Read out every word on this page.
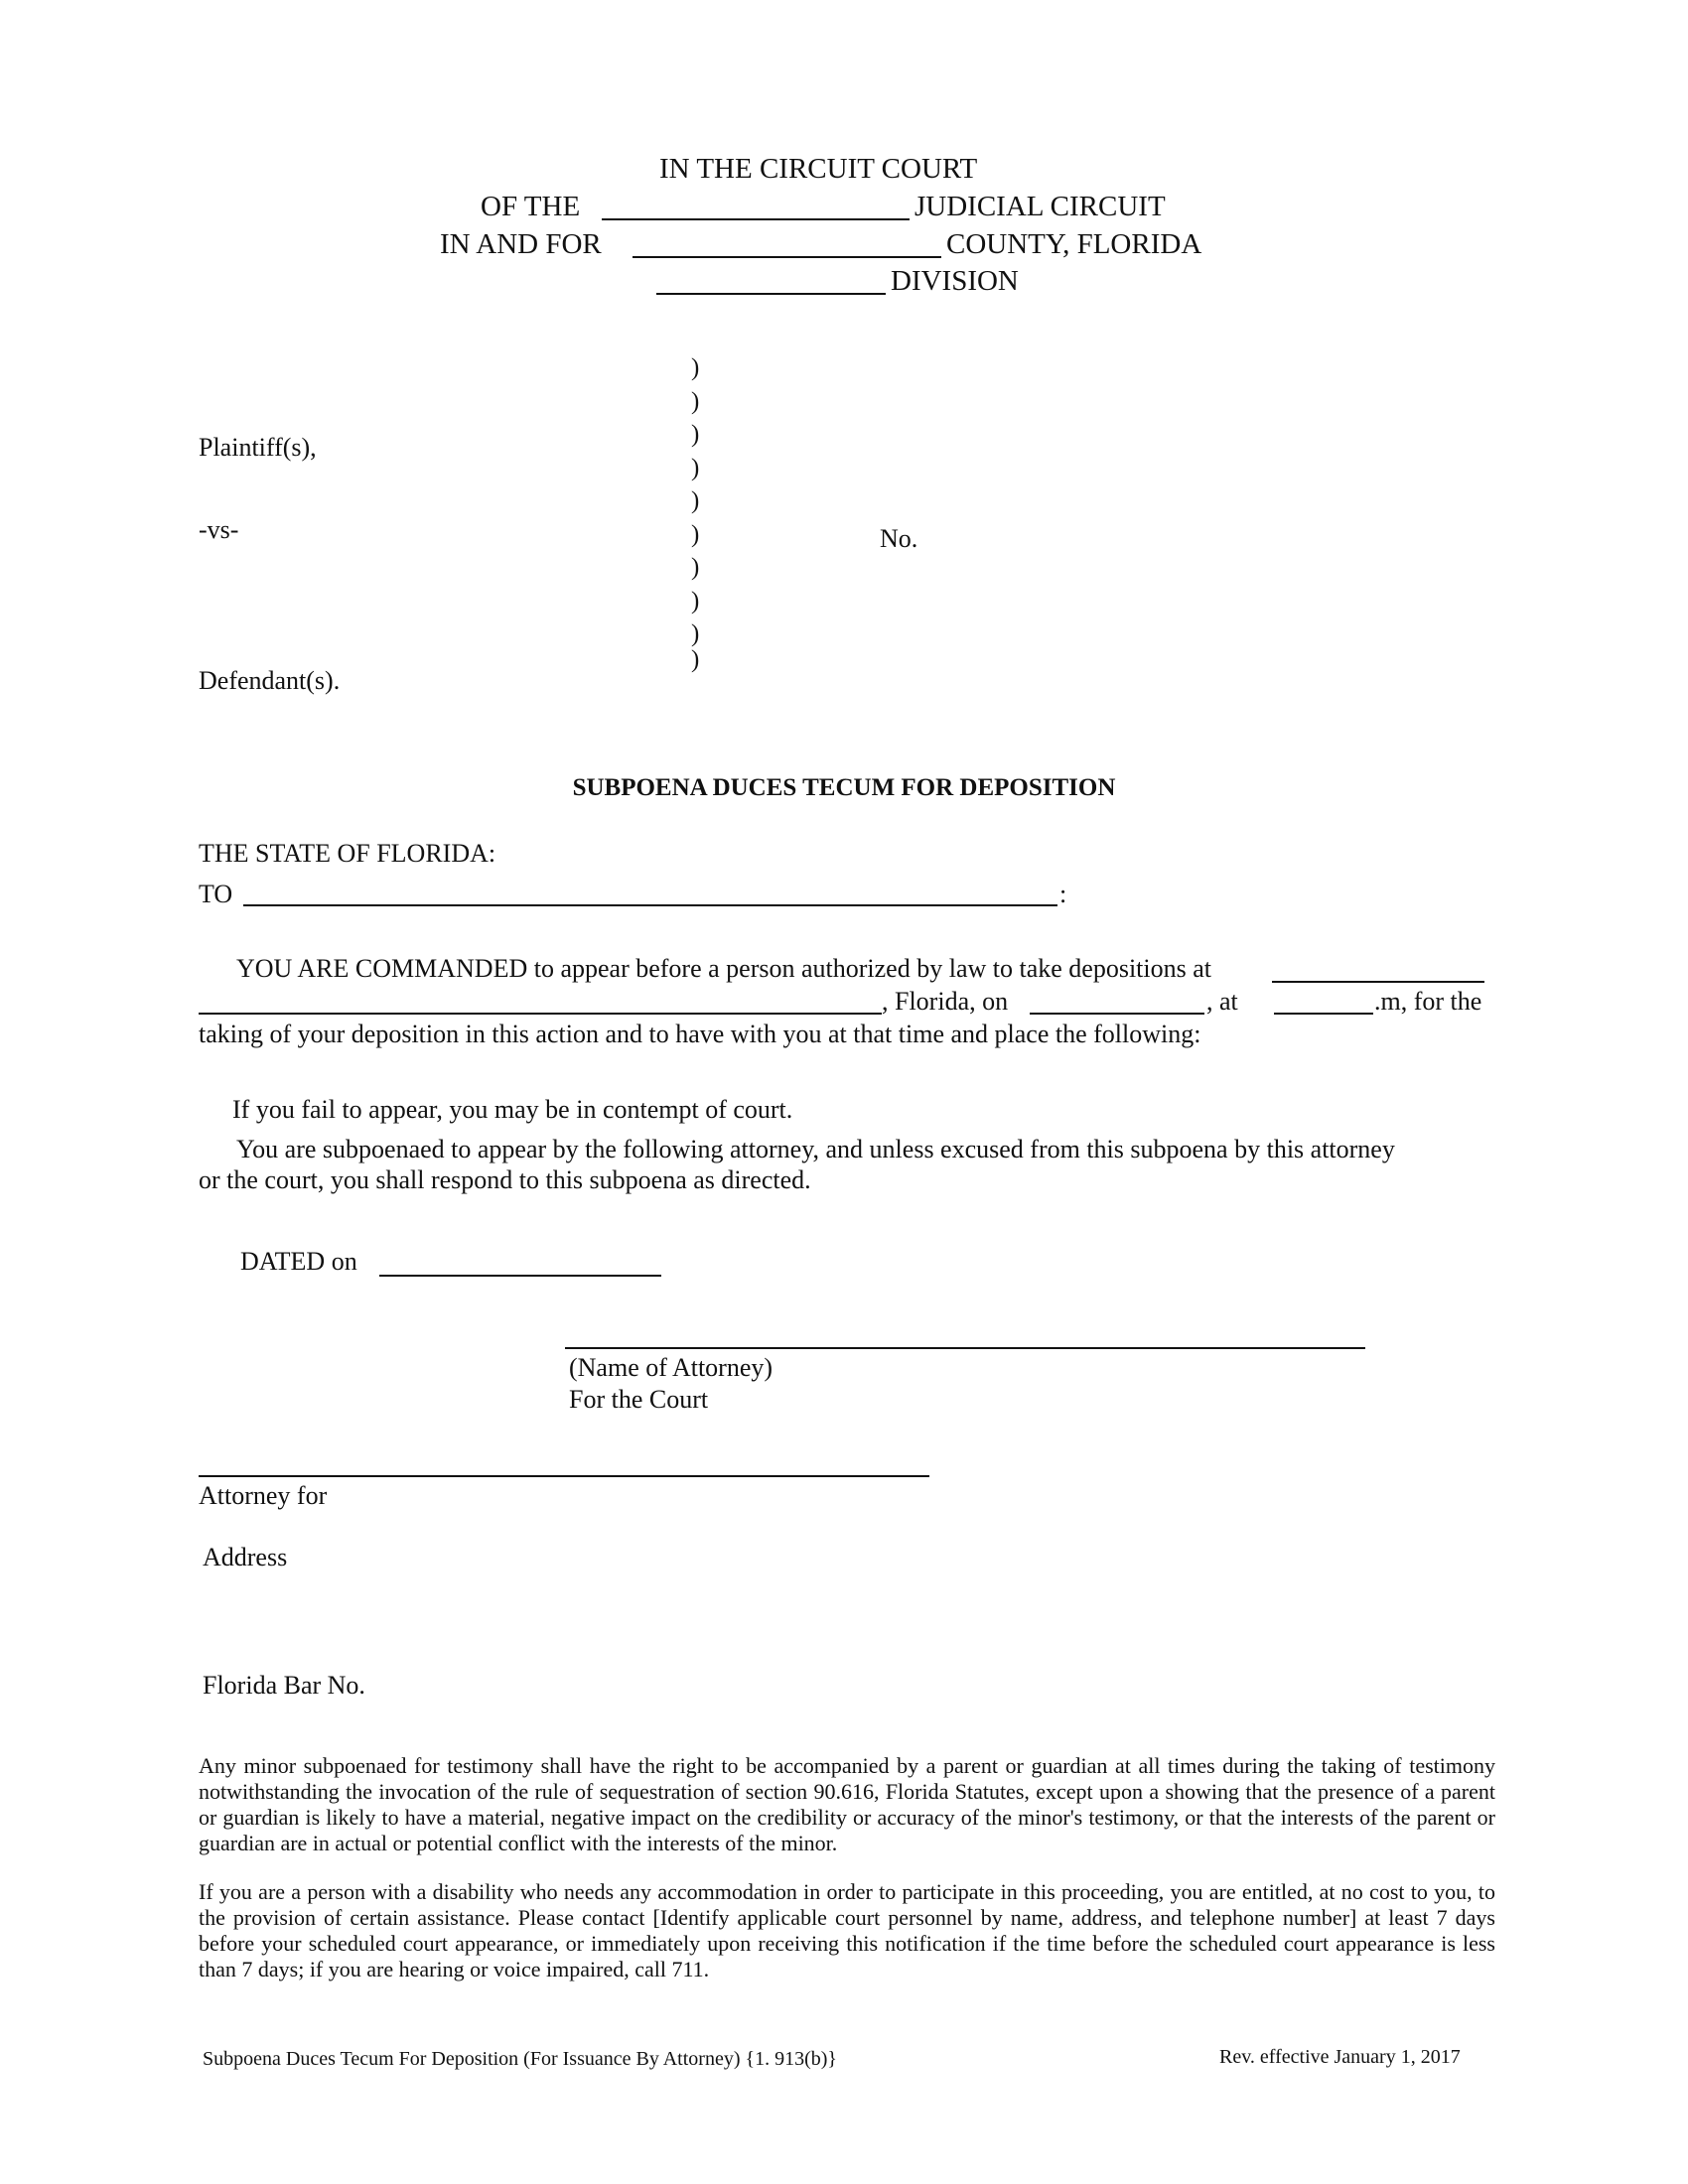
IN THE CIRCUIT COURT
OF THE	JUDICIAL CIRCUIT
IN AND FOR	COUNTY, FLORIDA
DIVISION
Plaintiff(s),
-vs-
Defendant(s).
No.
)
)
)
)
)
)
)
)
)
)
SUBPOENA DUCES TECUM FOR DEPOSITION
THE STATE OF FLORIDA:
TO	:
YOU ARE COMMANDED to appear before a person authorized by law to take depositions at
, Florida, on	, at	.m, for the
taking of your deposition in this action and to have with you at that time and place the following:
If you fail to appear, you may be in contempt of court.
You are subpoenaed to appear by the following attorney, and unless excused from this subpoena by this attorney
or the court, you shall respond to this subpoena as directed.
DATED on
(Name of Attorney)
For the Court
Attorney for
Address
Florida Bar No.
Any minor subpoenaed for testimony shall have the right to be accompanied by a parent or guardian at all times during the taking of testimony notwithstanding the invocation of the rule of sequestration of section 90.616, Florida Statutes, except upon a showing that the presence of a parent or guardian is likely to have a material, negative impact on the credibility or accuracy of the minor's testimony, or that the interests of the parent or guardian are in actual or potential conflict with the interests of the minor.
If you are a person with a disability who needs any accommodation in order to participate in this proceeding, you are entitled, at no cost to you, to the provision of certain assistance. Please contact [Identify applicable court personnel by name, address, and telephone number] at least 7 days before your scheduled court appearance, or immediately upon receiving this notification if the time before the scheduled court appearance is less than 7 days; if you are hearing or voice impaired, call 711.
Subpoena Duces Tecum For Deposition (For Issuance By Attorney) {1. 913(b)}	Rev. effective January 1, 2017
